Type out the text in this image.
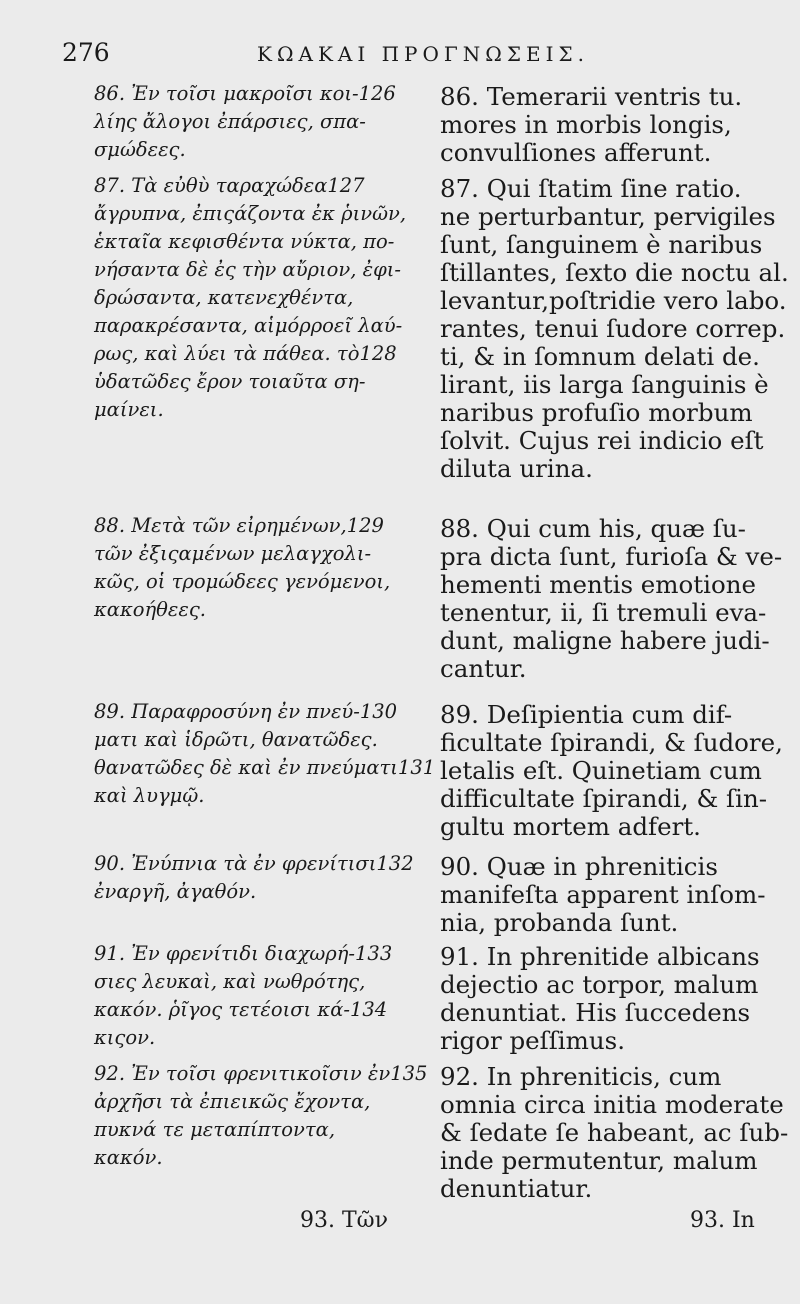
276	ΚΩΑΚΑΙ ΠΡΟΓΝΩΣΕΙΣ.
86. Ἐν τοῖσι μακροῖσι κοι-126
λίης ἄλογοι ἐπάρσιες, σπα-
σμώδεες.
87. Τὰ εὐθὺ ταραχώδεα127
ἄγρυπνα, ἐπιςάζοντα ἐκ ῥινῶν,
ἑκταῖα κεφισθέντα νύκτα, πο-
νήσαντα δὲ ἐς τὴν αὔριον, ἐφι-
δρώσαντα, κατενεχθέντα,
παρακρέσαντα, αἱμόρροεῖ λαύ-
ρως, καὶ λύει τὰ πάθεα. τὸ128
ὑδατῶδες ἔρον τοιαῦτα ση-
μαίνει.
88. Μετὰ τῶν εἰρημένων,129
τῶν ἐξιςαμένων μελαγχολι-
κῶς, οἱ τρομώδεες γενόμενοι,
κακοήθεες.
89. Παραφροσύνη ἐν πνεύ-130
ματι καὶ ἱδρῶτι, θανατῶδες.
θανατῶδες δὲ καὶ ἐν πνεύματι131
καὶ λυγμῷ.
90. Ἐνύπνια τὰ ἐν φρενίτισι132
ἐναργῆ, ἀγαθόν.
91. Ἐν φρενίτιδι διαχωρή-133
σιες λευκαὶ, καὶ νωθρότης,
κακόν. ῥῖγος τετέοισι κά-134
κιςον.
92. Ἐν τοῖσι φρενιτικοῖσιν ἐν135
ἀρχῆσι τὰ ἐπιεικῶς ἔχοντα,
πυκνά τε μεταπίπτοντα,
κακόν.
86. Temerarii ventris tu.
mores in morbis longis,
convulſiones afferunt.
87. Qui ſtatim ſine ratio.
ne perturbantur, pervigiles
ſunt, ſanguinem è naribus
ſtillantes, ſexto die noctu al.
levantur,poſtridie vero labo.
rantes, tenui ſudore correp.
ti, & in ſomnum delati de.
lirant, iis larga ſanguinis è
naribus profuſio morbum
ſolvit. Cujus rei indicio eſt
diluta urina.
88. Qui cum his, quæ ſu-
pra dicta ſunt, furioſa & ve-
hementi mentis emotione
tenentur, ii, ſi tremuli eva-
dunt, maligne habere judi-
cantur.
89. Deſipientia cum dif-
ficultate ſpirandi, & ſudore,
letalis eſt. Quinetiam cum
difficultate ſpirandi, & ſin-
gultu mortem adfert.
90. Quæ in phreniticis
manifeſta apparent inſom-
nia, probanda ſunt.
91. In phrenitide albicans
dejectio ac torpor, malum
denuntiat. His ſuccedens
rigor peſſimus.
92. In phreniticis, cum
omnia circa initia moderate
& ſedate ſe habeant, ac ſub-
inde permutentur, malum
denuntiatur.
93. Τῶν	93. In
